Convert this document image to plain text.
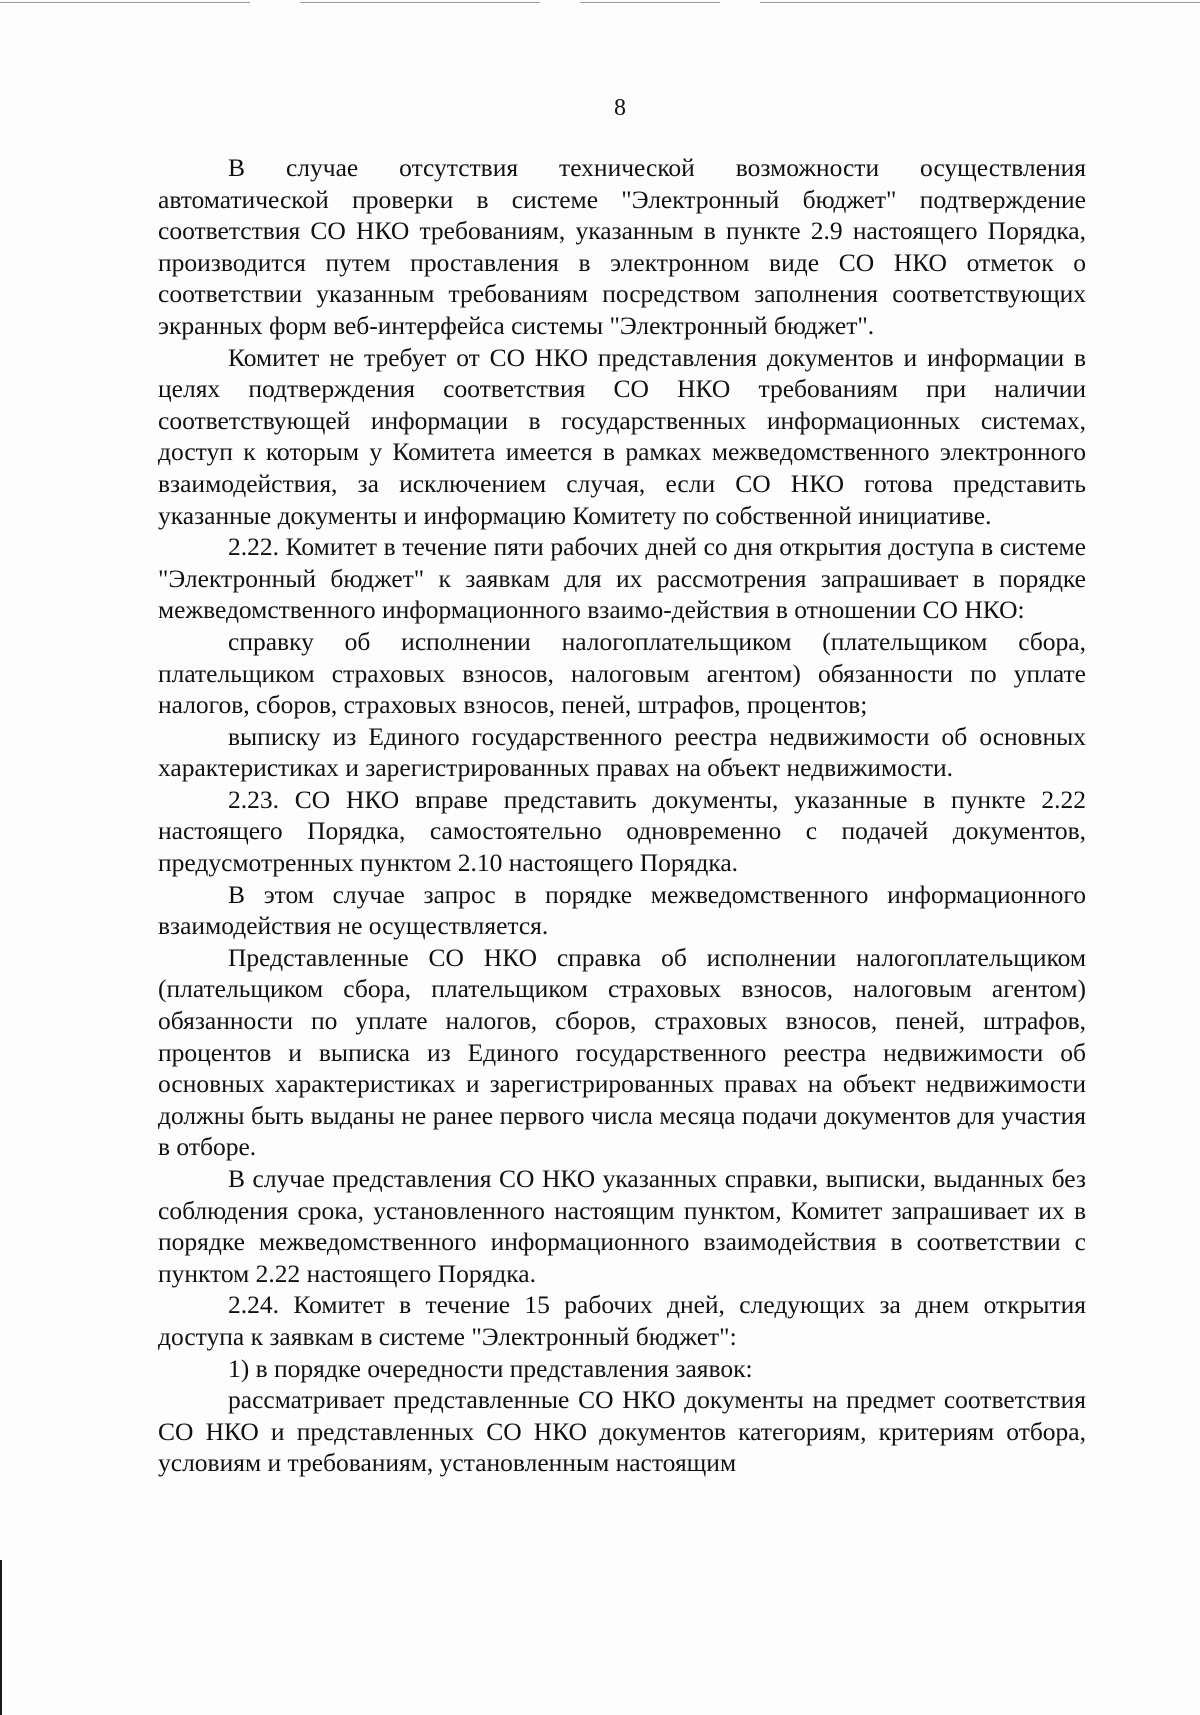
8

В случае отсутствия технической возможности осуществления автоматической проверки в системе "Электронный бюджет" подтверждение соответствия СО НКО требованиям, указанным в пункте 2.9 настоящего Порядка, производится путем проставления в электронном виде СО НКО отметок о соответствии указанным требованиям посредством заполнения соответствующих экранных форм веб-интерфейса системы "Электронный бюджет".

Комитет не требует от СО НКО представления документов и информации в целях подтверждения соответствия СО НКО требованиям при наличии соответствующей информации в государственных информационных системах, доступ к которым у Комитета имеется в рамках межведомственного электронного взаимодействия, за исключением случая, если СО НКО готова представить указанные документы и информацию Комитету по собственной инициативе.

2.22. Комитет в течение пяти рабочих дней со дня открытия доступа в системе "Электронный бюджет" к заявкам для их рассмотрения запрашивает в порядке межведомственного информационного взаимо-действия в отношении СО НКО:

справку об исполнении налогоплательщиком (плательщиком сбора, плательщиком страховых взносов, налоговым агентом) обязанности по уплате налогов, сборов, страховых взносов, пеней, штрафов, процентов;

выписку из Единого государственного реестра недвижимости об основных характеристиках и зарегистрированных правах на объект недвижимости.

2.23. СО НКО вправе представить документы, указанные в пункте 2.22 настоящего Порядка, самостоятельно одновременно с подачей документов, предусмотренных пунктом 2.10 настоящего Порядка.

В этом случае запрос в порядке межведомственного информационного взаимодействия не осуществляется.

Представленные СО НКО справка об исполнении налогоплательщиком (плательщиком сбора, плательщиком страховых взносов, налоговым агентом) обязанности по уплате налогов, сборов, страховых взносов, пеней, штрафов, процентов и выписка из Единого государственного реестра недвижимости об основных характеристиках и зарегистрированных правах на объект недвижимости должны быть выданы не ранее первого числа месяца подачи документов для участия в отборе.

В случае представления СО НКО указанных справки, выписки, выданных без соблюдения срока, установленного настоящим пунктом, Комитет запрашивает их в порядке межведомственного информационного взаимодействия в соответствии с пунктом 2.22 настоящего Порядка.

2.24. Комитет в течение 15 рабочих дней, следующих за днем открытия доступа к заявкам в системе "Электронный бюджет":

1) в порядке очередности представления заявок:

рассматривает представленные СО НКО документы на предмет соответствия СО НКО и представленных СО НКО документов категориям, критериям отбора, условиям и требованиям, установленным настоящим
